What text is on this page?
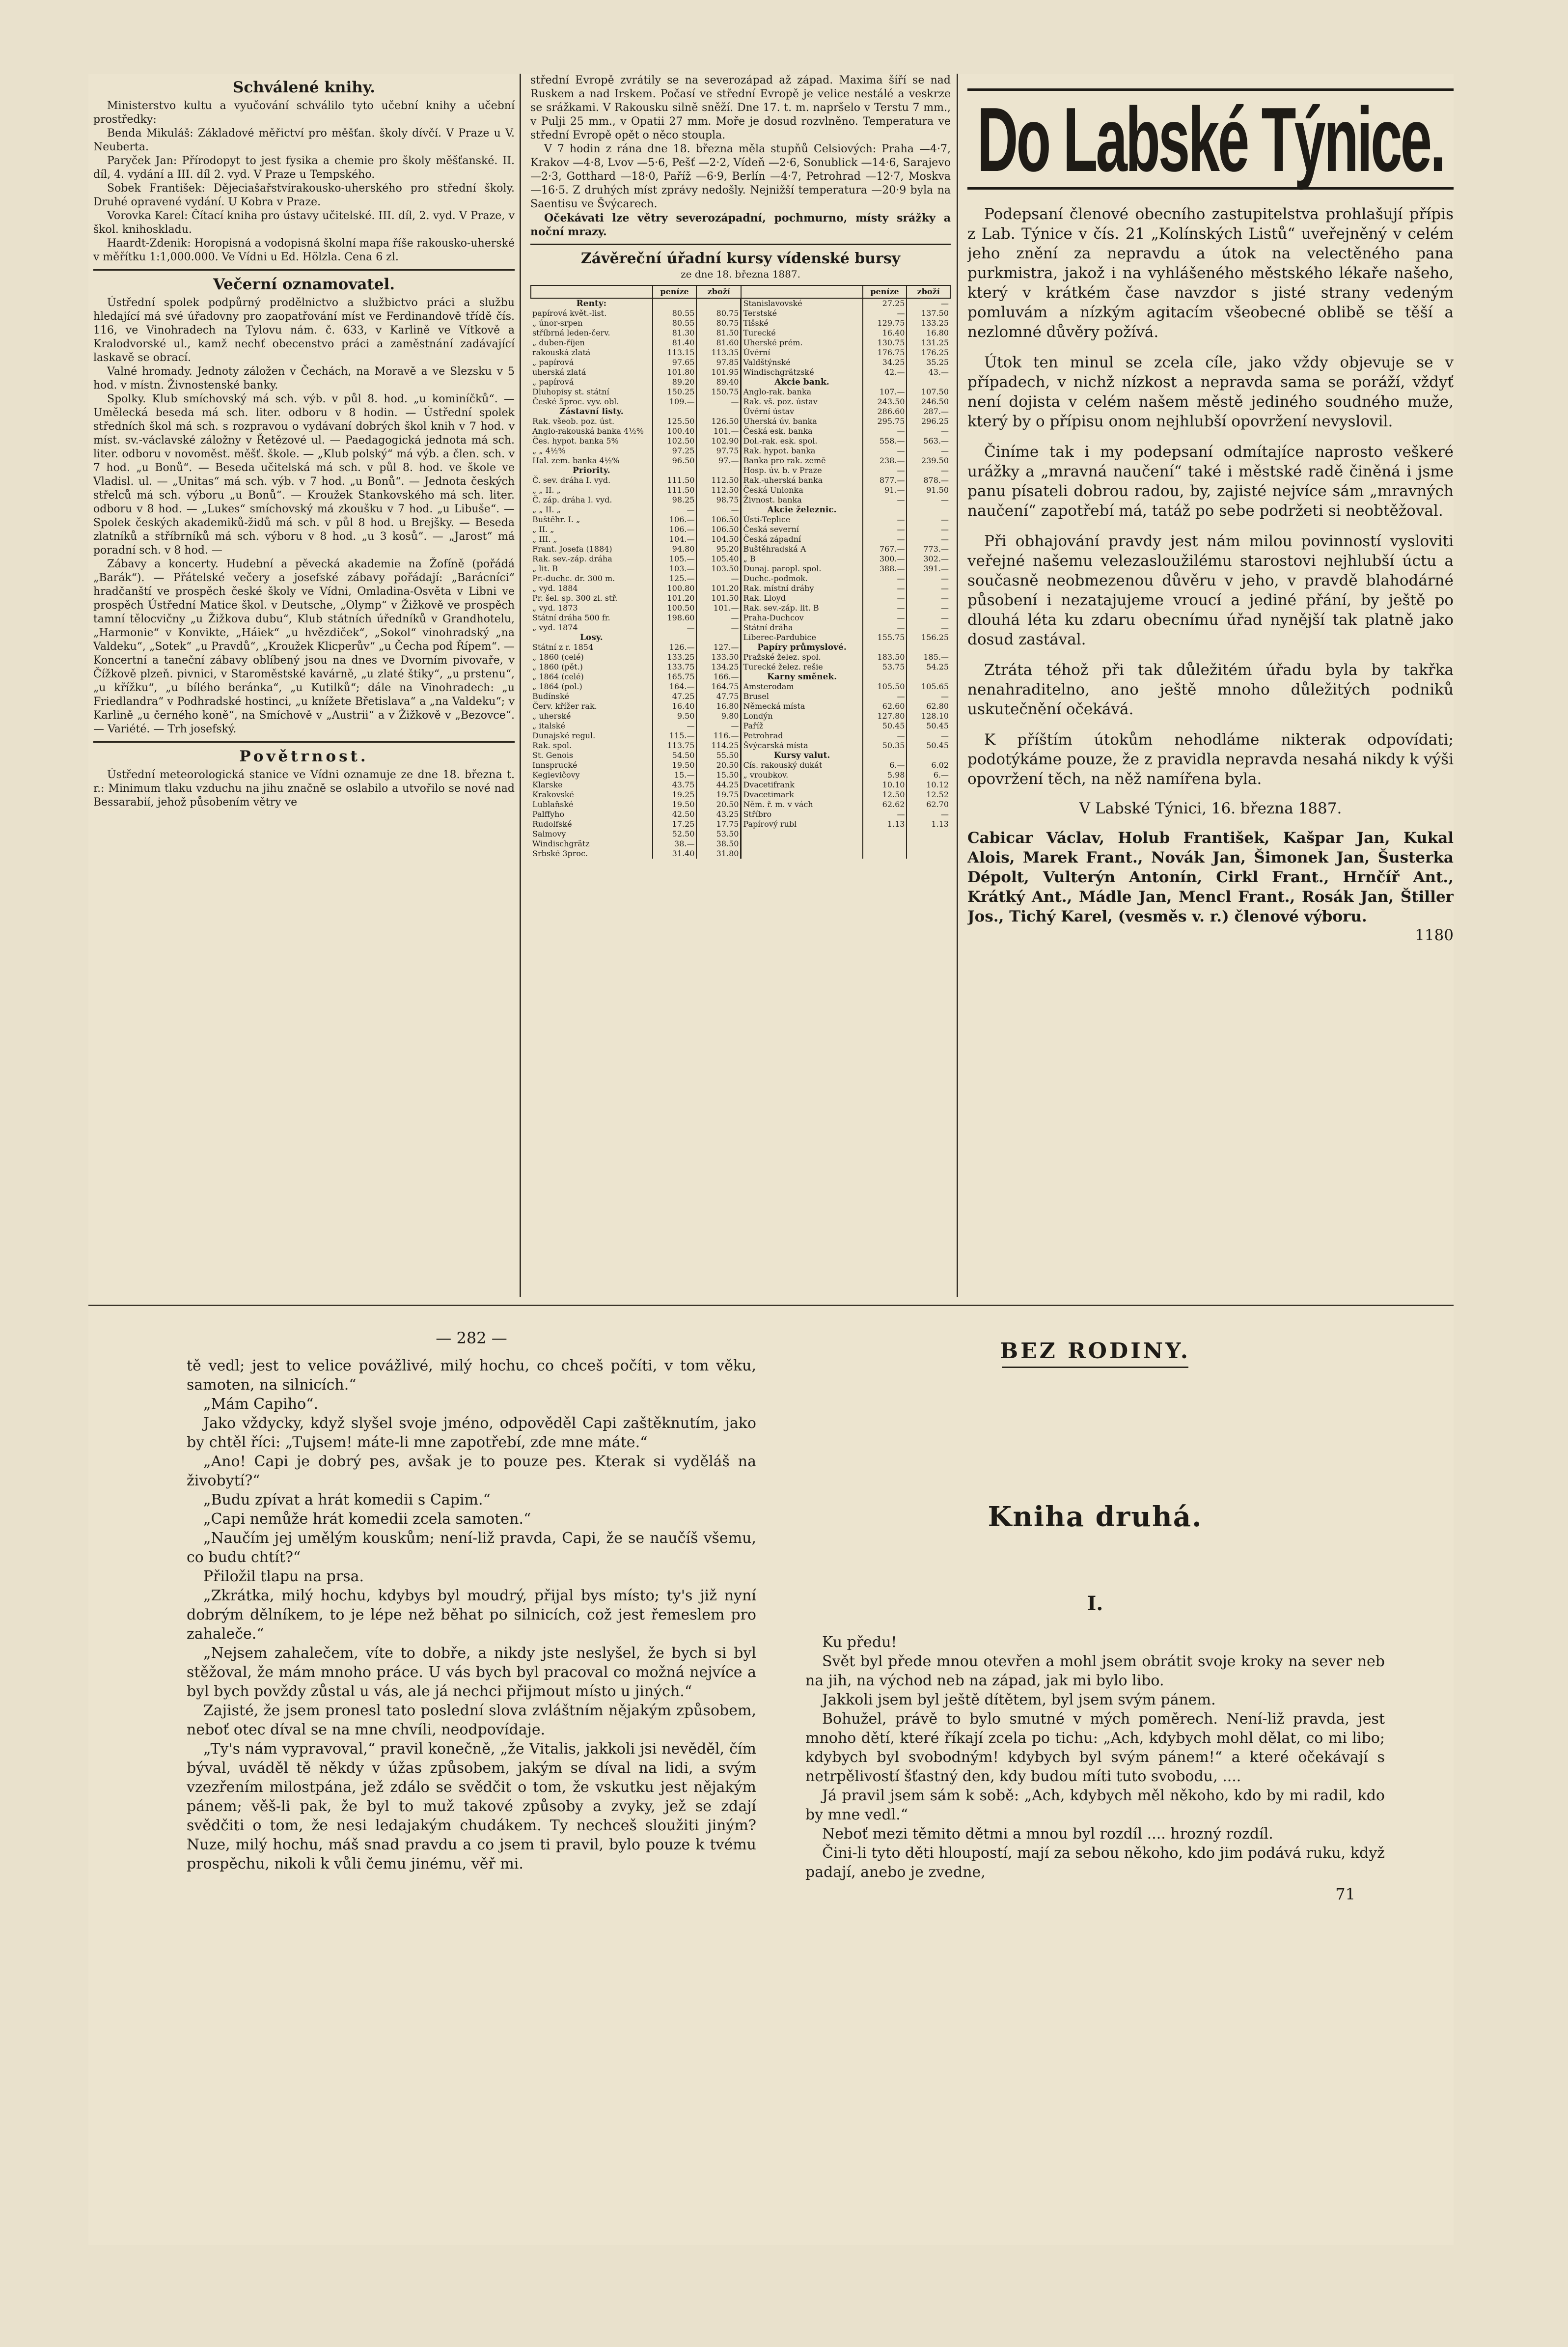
Schválené knihy.

Ministerstvo kultu a vyučování schválilo tyto učební knihy a učební prostředky:

Benda Mikuláš: Základové měřictví pro měšťan. školy dívčí. V Praze u V. Neuberta.

Paryček Jan: Přírodopyt to jest fysika a chemie pro školy měšťanské. II. díl, 4. vydání a III. díl 2. vyd. V Praze u Tempského.

Sobek František: Dějeciašařstvírakousko-uherského pro střední školy. Druhé opravené vydání. U Kobra v Praze.

Vorovka Karel: Čítací kniha pro ústavy učitelské. III. díl, 2. vyd. V Praze, v škol. knihoskladu.

Haardt-Zdenik: Horopisná a vodopisná školní mapa říše rakousko-uherské v měřítku 1:1,000.000. Ve Vídni u Ed. Hölzla. Cena 6 zl.

Večerní oznamovatel.

Ústřední spolek podpůrný prodělnictvo a službictvo práci a službu hledající má své úřadovny pro zaopatřování míst ve Ferdinandově třídě čís. 116, ve Vinohradech na Tylovu nám. č. 633, v Karlině ve Vítkově a Kralodvorské ul., kamž nechť obecenstvo práci a zaměstnání zadávající laskavě se obrací.

Valné hromady. Jednoty záložen v Čechách, na Moravě a ve Slezsku v 5 hod. v místn. Živnostenské banky.

Spolky. Klub smíchovský má sch. výb. v půl 8. hod. „u kominíčků“. — Umělecká beseda má sch. liter. odboru v 8 hodin. — Ústřední spolek středních škol má sch. s rozpravou o vydávaní dobrých škol knih v 7 hod. v míst. sv.-václavské záložny v Řetězové ul. — Paedagogická jednota má sch. liter. odboru v novoměst. měšť. škole. — „Klub polský“ má výb. a člen. sch. v 7 hod. „u Bonů“. — Beseda učitelská má sch. v půl 8. hod. ve škole ve Vladisl. ul. — „Unitas“ má sch. výb. v 7 hod. „u Bonů“. — Jednota českých střelců má sch. výboru „u Bonů“. — Kroužek Stankovského má sch. liter. odboru v 8 hod. — „Lukes“ smíchovský má zkoušku v 7 hod. „u Libuše“. — Spolek českých akademiků-židů má sch. v půl 8 hod. u Brejšky. — Beseda zlatníků a stříbrníků má sch. výboru v 8 hod. „u 3 kosů“. — „Jarost“ má poradní sch. v 8 hod. —

Zábavy a koncerty. Hudební a pěvecká akademie na Žofíně (pořádá „Barák“). — Přátelské večery a josefské zábavy pořádají: „Barácníci“ hradčanští ve prospěch české školy ve Vídni, Omladina-Osvěta v Libni ve prospěch Ústřední Matice škol. v Deutsche, „Olymp“ v Žižkově ve prospěch tamní tělocvičny „u Žižkova dubu“, Klub státních úředníků v Grandhotelu, „Harmonie“ v Konvikte, „Háiek“ „u hvězdiček“, „Sokol“ vinohradský „na Valdeku“, „Sotek“ „u Pravdů“, „Kroužek Klicperův“ „u Čecha pod Řípem“. — Koncertní a taneční zábavy oblíbený jsou na dnes ve Dvorním pivovaře, v Čížkově plzeň. pivnici, v Staroměstské kavárně, „u zlaté štiky“, „u prstenu“, „u křížku“, „u bílého beránka“, „u Kutilků“; dále na Vinohradech: „u Friedlandra“ v Podhradské hostinci, „u knížete Břetislava“ a „na Valdeku“; v Karlině „u černého koně“, na Smíchově v „Austrii“ a v Žižkově v „Bezovce“. — Variété. — Trh josefský.

Povětrnost.

Ústřední meteorologická stanice ve Vídni oznamuje ze dne 18. března t. r.: Minimum tlaku vzduchu na jihu značně se oslabilo a utvořilo se nové nad Bessarabií, jehož působením větry ve

střední Evropě zvrátily se na severozápad až západ. Maxima šíří se nad Ruskem a nad Irskem. Počasí ve střední Evropě je velice nestálé a veskrze se srážkami. V Rakousku silně sněží. Dne 17. t. m. napršelo v Terstu 7 mm., v Pulji 25 mm., v Opatii 27 mm. Moře je dosud rozvlněno. Temperatura ve střední Evropě opět o něco stoupla.

V 7 hodin z rána dne 18. března měla stupňů Celsiových: Praha —4·7, Krakov —4·8, Lvov —5·6, Pešť —2·2, Vídeň —2·6, Sonublick —14·6, Sarajevo —2·3, Gotthard —18·0, Paříž —6·9, Berlín —4·7, Petrohrad —12·7, Moskva —16·5. Z druhých míst zprávy nedošly. Nejnižší temperatura —20·9 byla na Saentisu ve Švýcarech.

Očekávati lze větry severozápadní, pochmurno, místy srážky a noční mrazy.

Závěreční úřadní kursy vídenské bursy
ze dne 18. března 1887.
	peníze	zboží		peníze	zboží
Renty:			Stanislavovské	27.25	—
papírová květ.-list.	80.55	80.75	Terstské	—	137.50
„ únor-srpen	80.55	80.75	Tišské	129.75	133.25
stříbrná leden-červ.	81.30	81.50	Turecké	16.40	16.80
„ duben-říjen	81.40	81.60	Uherské prém.	130.75	131.25
rakouská zlatá	113.15	113.35	Úvěrní	176.75	176.25
„ papírová	97.65	97.85	Valdštýnské	34.25	35.25
uherská zlatá	101.80	101.95	Windischgrätzské	42.—	43.—
„ papírová	89.20	89.40	Akcie bank.		
Dluhopisy st. státní	150.25	150.75	Anglo-rak. banka	107.—	107.50
České 5proc. vyv. obl.	109.—	—	Rak. vš. poz. ústav	243.50	246.50
Zástavní listy.			Úvěrní ústav	286.60	287.—
Rak. všeob. poz. úst.	125.50	126.50	Uherská úv. banka	295.75	296.25
Anglo-rakouská banka 4½%	100.40	101.—	Česká esk. banka	—	—
Čes. hypot. banka 5%	102.50	102.90	Dol.-rak. esk. spol.	558.—	563.—
„ „ 4½%	97.25	97.75	Rak. hypot. banka	—	—
Hal. zem. banka 4½%	96.50	97.—	Banka pro rak. země	238.—	239.50
Priority.			Hosp. úv. b. v Praze	—	—
Č. sev. dráha I. vyd.	111.50	112.50	Rak.-uherská banka	877.—	878.—
„ „ II. „	111.50	112.50	Česká Unionka	91.—	91.50
Č. záp. dráha I. vyd.	98.25	98.75	Živnost. banka	—	—
„ „ II. „	—	—	Akcie železnic.		
Buštěhr. I. „	106.—	106.50	Ústí-Teplice	—	—
„ II. „	106.—	106.50	Česká severní	—	—
„ III. „	104.—	104.50	Česká západní	—	—
Frant. Josefa (1884)	94.80	95.20	Buštěhradská A	767.—	773.—
Rak. sev.-záp. dráha	105.—	105.40	„ B	300.—	302.—
„ lit. B	103.—	103.50	Dunaj. paropl. spol.	388.—	391.—
Pr.-duchc. dr. 300 m.	125.—	—	Duchc.-podmok.	—	—
„ vyd. 1884	100.80	101.20	Rak. místní dráhy	—	—
Pr. šel. sp. 300 zl. stř.	101.20	101.50	Rak. Lloyd	—	—
„ vyd. 1873	100.50	101.—	Rak. sev.-záp. lit. B	—	—
Státní dráha 500 fr.	198.60	—	Praha-Duchcov	—	—
„ vyd. 1874	—	—	Státní dráha	—	—
Losy.			Liberec-Pardubice	155.75	156.25
Státní z r. 1854	126.—	127.—	Papíry průmyslové.		
„ 1860 (celé)	133.25	133.50	Pražské želez. spol.	183.50	185.—
„ 1860 (pět.)	133.75	134.25	Turecké želez. rešie	53.75	54.25
„ 1864 (celé)	165.75	166.—	Karny směnek.		
„ 1864 (pol.)	164.—	164.75	Amsterodam	105.50	105.65
Budínské	47.25	47.75	Brusel	—	—
Červ. křížer rak.	16.40	16.80	Německá místa	62.60	62.80
„ uherské	9.50	9.80	Londýn	127.80	128.10
„ italské	—	—	Paříž	50.45	50.45
Dunajské regul.	115.—	116.—	Petrohrad	—	—
Rak. spol.	113.75	114.25	Švýcarská místa	50.35	50.45
St. Genois	54.50	55.50	Kursy valut.		
Innsprucké	19.50	20.50	Cís. rakouský dukát	6.—	6.02
Keglevičovy	15.—	15.50	„ vroubkov.	5.98	6.—
Klarske	43.75	44.25	Dvacetifrank	10.10	10.12
Krakovské	19.25	19.75	Dvacetimark	12.50	12.52
Lublaňské	19.50	20.50	Něm. ř. m. v vách	62.62	62.70
Palffyho	42.50	43.25	Stříbro	—	—
Rudolfské	17.25	17.75	Papírový rubl	1.13	1.13
Salmovy	52.50	53.50			
Windischgrätz	38.—	38.50			
Srbské 3proc.	31.40	31.80			
Do Labské Týnice.

Podepsaní členové obecního zastupitelstva prohlašují přípis z Lab. Týnice v čís. 21 „Kolínských Listů“ uveřejněný v celém jeho znění za nepravdu a útok na velectěného pana purkmistra, jakož i na vyhlášeného městského lékaře našeho, který v krátkém čase navzdor s jisté strany vedeným pomluvám a nízkým agitacím všeobecné oblibě se těší a nezlomné důvěry požívá.

Útok ten minul se zcela cíle, jako vždy objevuje se v případech, v nichž nízkost a nepravda sama se poráží, vždyť není dojista v celém našem městě jediného soudného muže, který by o přípisu onom nejhlubší opovržení nevyslovil.

Činíme tak i my podepsaní odmítajíce naprosto veškeré urážky a „mravná naučení“ také i městské radě činěná i jsme panu písateli dobrou radou, by, zajisté nejvíce sám „mravných naučení“ zapotřebí má, tatáž po sebe podržeti si neobtěžoval.

Při obhajování pravdy jest nám milou povinností vysloviti veřejné našemu velezasloužilému starostovi nejhlubší úctu a současně neobmezenou důvěru v jeho, v pravdě blahodárné působení i nezatajujeme vroucí a jediné přání, by ještě po dlouhá léta ku zdaru obecnímu úřad nynější tak platně jako dosud zastával.

Ztráta téhož při tak důležitém úřadu byla by takřka nenahraditelno, ano ještě mnoho důležitých podniků uskutečnění očekává.

K příštím útokům nehodláme nikterak odpovídati; podotýkáme pouze, že z pravidla nepravda nesahá nikdy k výši opovržení těch, na něž namířena byla.

V Labské Týnici, 16. března 1887.

Cabicar Václav, Holub František, Kašpar Jan, Kukal Alois, Marek Frant., Novák Jan, Šimonek Jan, Šusterka Dépolt, Vulterýn Antonín, Cirkl Frant., Hrnčíř Ant., Krátký Ant., Mádle Jan, Mencl Frant., Rosák Jan, Štiller Jos., Tichý Karel, (vesměs v. r.) členové výboru.

1180
— 282 —

tě vedl; jest to velice povážlivé, milý hochu, co chceš počíti, v tom věku, samoten, na silnicích.“

„Mám Capiho“.

Jako vždycky, když slyšel svoje jméno, odpověděl Capi zaštěknutím, jako by chtěl říci: „Tujsem! máte-li mne zapotřebí, zde mne máte.“

„Ano! Capi je dobrý pes, avšak je to pouze pes. Kterak si vyděláš na živobytí?“

„Budu zpívat a hrát komedii s Capim.“

„Capi nemůže hrát komedii zcela samoten.“

„Naučím jej umělým kouskům; není-liž pravda, Capi, že se naučíš všemu, co budu chtít?“

Přiložil tlapu na prsa.

„Zkrátka, milý hochu, kdybys byl moudrý, přijal bys místo; ty's již nyní dobrým dělníkem, to je lépe než běhat po silnicích, což jest řemeslem pro zahaleče.“

„Nejsem zahalečem, víte to dobře, a nikdy jste neslyšel, že bych si byl stěžoval, že mám mnoho práce. U vás bych byl pracoval co možná nejvíce a byl bych povždy zůstal u vás, ale já nechci přijmout místo u jiných.“

Zajisté, že jsem pronesl tato poslední slova zvláštním nějakým způsobem, neboť otec díval se na mne chvíli, neodpovídaje.

„Ty's nám vypravoval,“ pravil konečně, „že Vitalis, jakkoli jsi nevěděl, čím býval, uváděl tě někdy v úžas způsobem, jakým se díval na lidi, a svým vzezřením milostpána, jež zdálo se svědčit o tom, že vskutku jest nějakým pánem; věš-li pak, že byl to muž takové způsoby a zvyky, jež se zdají svědčiti o tom, že nesi ledajakým chudákem. Ty nechceš sloužiti jiným? Nuze, milý hochu, máš snad pravdu a co jsem ti pravil, bylo pouze k tvému prospěchu, nikoli k vůli čemu jinému, věř mi.

BEZ RODINY.
Kniha druhá.
I.

Ku předu!

Svět byl přede mnou otevřen a mohl jsem obrátit svoje kroky na sever neb na jih, na východ neb na západ, jak mi bylo libo.

Jakkoli jsem byl ještě dítětem, byl jsem svým pánem.

Bohužel, právě to bylo smutné v mých poměrech. Není-liž pravda, jest mnoho dětí, které říkají zcela po tichu: „Ach, kdybych mohl dělat, co mi libo; kdybych byl svobodným! kdybych byl svým pánem!“ a které očekávají s netrpělivostí šťastný den, kdy budou míti tuto svobodu, ....

Já pravil jsem sám k sobě: „Ach, kdybych měl někoho, kdo by mi radil, kdo by mne vedl.“

Neboť mezi těmito dětmi a mnou byl rozdíl .... hrozný rozdíl.

Čini-li tyto děti hloupostí, mají za sebou někoho, kdo jim podává ruku, když padají, anebo je zvedne,

71
